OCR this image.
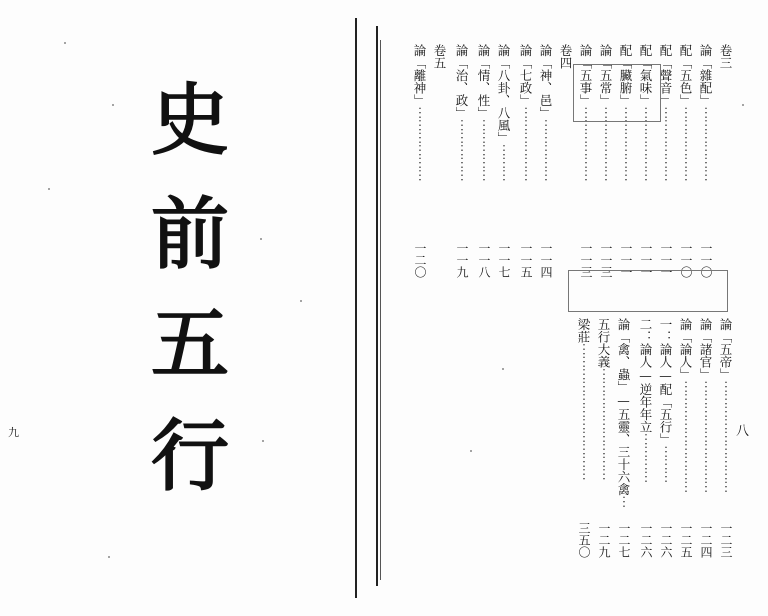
史
前
五
行
九	八
卷三
論「雜配」⋯⋯⋯⋯⋯⋯
一一〇
配「五色」⋯⋯⋯⋯⋯⋯
一一〇
配「聲音」⋯⋯⋯⋯⋯⋯
一一一
配「氣味」⋯⋯⋯⋯⋯⋯
一一一
配「臟腑」⋯⋯⋯⋯⋯⋯
一一一
論「五常」⋯⋯⋯⋯⋯⋯
一一三
論「五事」⋯⋯⋯⋯⋯⋯
一一三
卷四
論「神、邑」⋯⋯⋯⋯⋯
一一四
論「七政」⋯⋯⋯⋯⋯⋯
一一五
論「八卦、八風」⋯⋯⋯
一一七
論「情、性」⋯⋯⋯⋯⋯
一一八
論「治、政」⋯⋯⋯⋯⋯
一一九
卷五
論「離神」⋯⋯⋯⋯⋯⋯
一二〇
論「五帝」⋯⋯⋯⋯⋯⋯⋯⋯⋯
一二三
論「諸官」⋯⋯⋯⋯⋯⋯⋯⋯⋯
一二四
論「論人」⋯⋯⋯⋯⋯⋯⋯⋯⋯
一二五
一：論人—配「五行」⋯⋯⋯
一二六
二：論人—逆年年立⋯⋯⋯⋯
一二六
論「禽、蟲」—五靈、三十六禽⋯
一二七
五行大義⋯⋯⋯⋯⋯⋯⋯⋯⋯
一二九
梁莊⋯⋯⋯⋯⋯⋯⋯⋯⋯⋯⋯
三五〇
